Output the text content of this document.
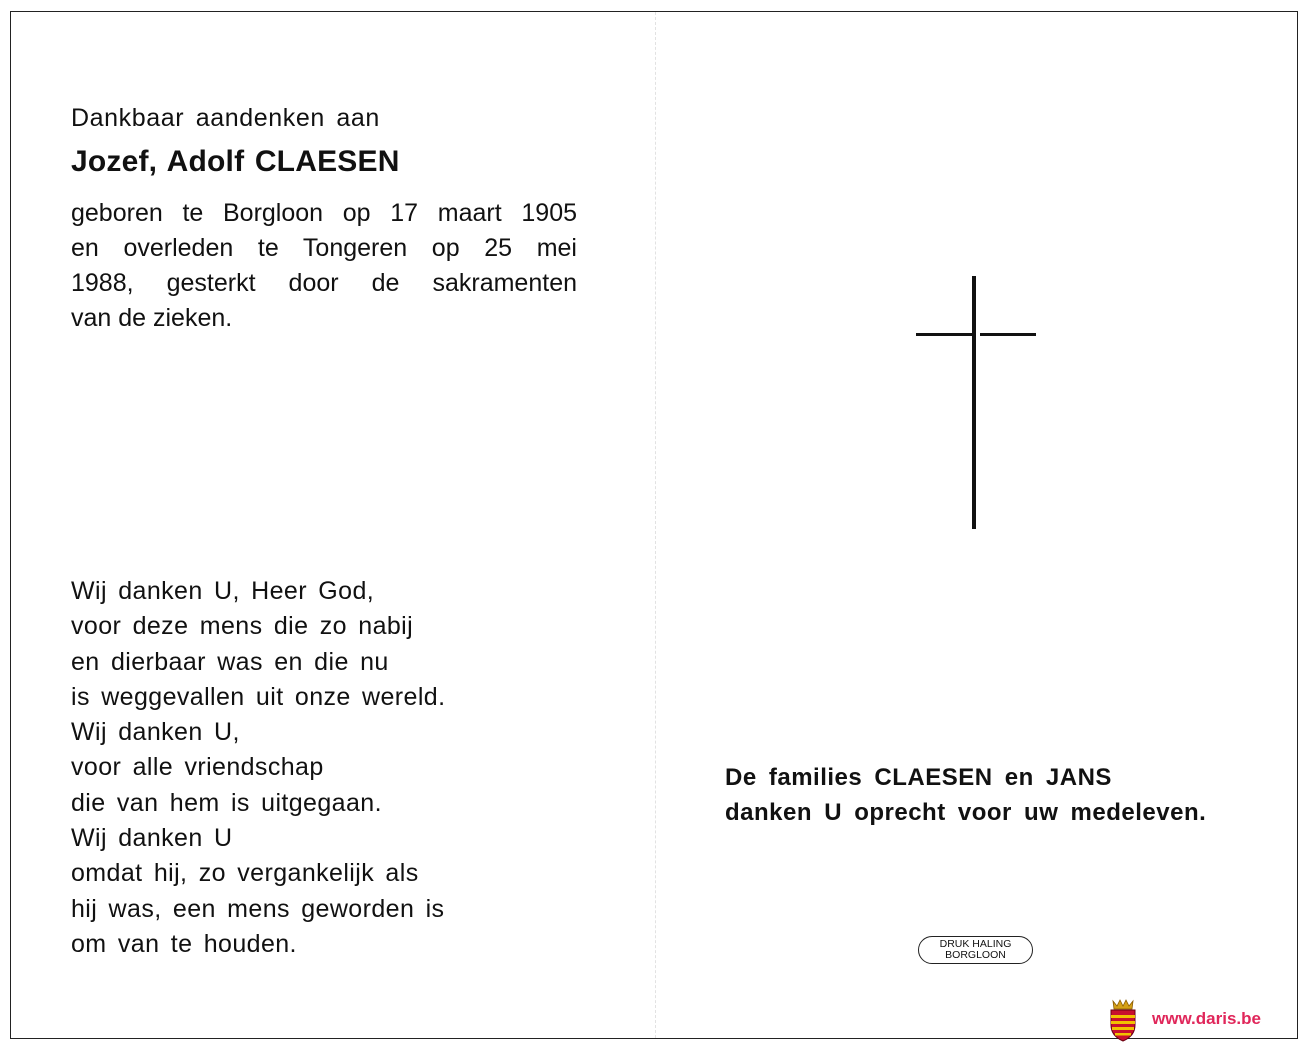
Dankbaar aandenken aan
Jozef, Adolf CLAESEN
geboren te Borgloon op 17 maart 1905
en overleden te Tongeren op 25 mei
1988, gesterkt door de sakramenten
van de zieken.
Wij danken U, Heer God,
voor deze mens die zo nabij
en dierbaar was en die nu
is weggevallen uit onze wereld.
Wij danken U,
voor alle vriendschap
die van hem is uitgegaan.
Wij danken U
omdat hij, zo vergankelijk als
hij was, een mens geworden is
om van te houden.
De families CLAESEN en JANS
danken U oprecht voor uw medeleven.
DRUK HALING
BORGLOON
www.daris.be
